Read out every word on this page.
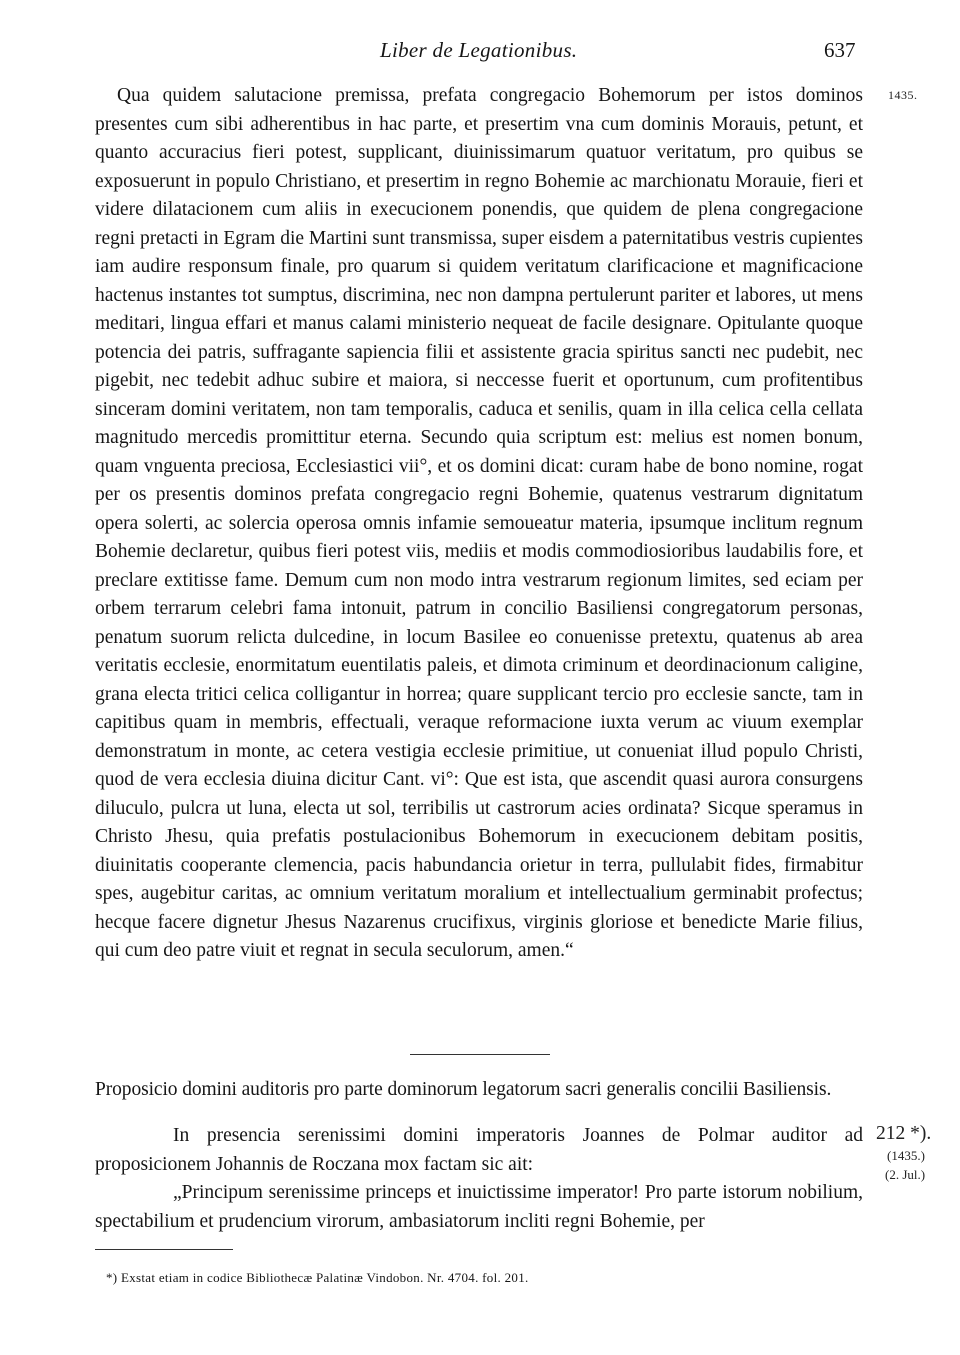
Liber de Legationibus.	637
1435.

Qua quidem salutacione premissa, prefata congregacio Bohemorum per istos dominos presentes cum sibi adherentibus in hac parte, et presertim vna cum dominis Morauis, petunt, et quanto accuracius fieri potest, supplicant, diuinissimarum quatuor veritatum, pro quibus se exposuerunt in populo Christiano, et presertim in regno Bohemie ac marchionatu Morauie, fieri et videre dilatacionem cum aliis in execucionem ponendis, que quidem de plena congregacione regni pretacti in Egram die Martini sunt transmissa, super eisdem a paternitatibus vestris cupientes iam audire responsum finale, pro quarum si quidem veritatum clarificacione et magnificacione hactenus instantes tot sumptus, discrimina, nec non dampna pertulerunt pariter et labores, ut mens meditari, lingua effari et manus calami ministerio nequeat de facile designare. Opitulante quoque potencia dei patris, suffragante sapiencia filii et assistente gracia spiritus sancti nec pudebit, nec pigebit, nec tedebit adhuc subire et maiora, si neccesse fuerit et oportunum, cum profitentibus sinceram domini veritatem, non tam temporalis, caduca et senilis, quam in illa celica cella cellata magnitudo mercedis promittitur eterna. Secundo quia scriptum est: melius est nomen bonum, quam vnguenta preciosa, Ecclesiastici vii°, et os domini dicat: curam habe de bono nomine, rogat per os presentis dominos prefata congregacio regni Bohemie, quatenus vestrarum dignitatum opera solerti, ac solercia operosa omnis infamie semoueatur materia, ipsumque inclitum regnum Bohemie declaretur, quibus fieri potest viis, mediis et modis commodiosioribus laudabilis fore, et preclare extitisse fame. Demum cum non modo intra vestrarum regionum limites, sed eciam per orbem terrarum celebri fama intonuit, patrum in concilio Basiliensi congregatorum personas, penatum suorum relicta dulcedine, in locum Basilee eo conuenisse pretextu, quatenus ab area veritatis ecclesie, enormitatum euentilatis paleis, et dimota criminum et deordinacionum caligine, grana electa tritici celica colligantur in horrea; quare supplicant tercio pro ecclesie sancte, tam in capitibus quam in membris, effectuali, veraque reformacione iuxta verum ac viuum exemplar demonstratum in monte, ac cetera vestigia ecclesie primitiue, ut conueniat illud populo Christi, quod de vera ecclesia diuina dicitur Cant. vi°: Que est ista, que ascendit quasi aurora consurgens diluculo, pulcra ut luna, electa ut sol, terribilis ut castrorum acies ordinata? Sicque speramus in Christo Jhesu, quia prefatis postulacionibus Bohemorum in execucionem debitam positis, diuinitatis cooperante clemencia, pacis habundancia orietur in terra, pullulabit fides, firmabitur spes, augebitur caritas, ac omnium veritatum moralium et intellectualium germinabit profectus; hecque facere dignetur Jhesus Nazarenus crucifixus, virginis gloriose et benedicte Marie filius, qui cum deo patre viuit et regnat in secula seculorum, amen.“

Proposicio domini auditoris pro parte dominorum legatorum sacri generalis concilii Basiliensis.
212 *).
(1435.)
(2. Jul.)

In presencia serenissimi domini imperatoris Joannes de Polmar auditor ad proposicionem Johannis de Roczana mox factam sic ait:

„Principum serenissime princeps et inuictissime imperator! Pro parte istorum nobilium, spectabilium et prudencium virorum, ambasiatorum incliti regni Bohemie, per

*) Exstat etiam in codice Bibliothecæ Palatinæ Vindobon. Nr. 4704. fol. 201.
